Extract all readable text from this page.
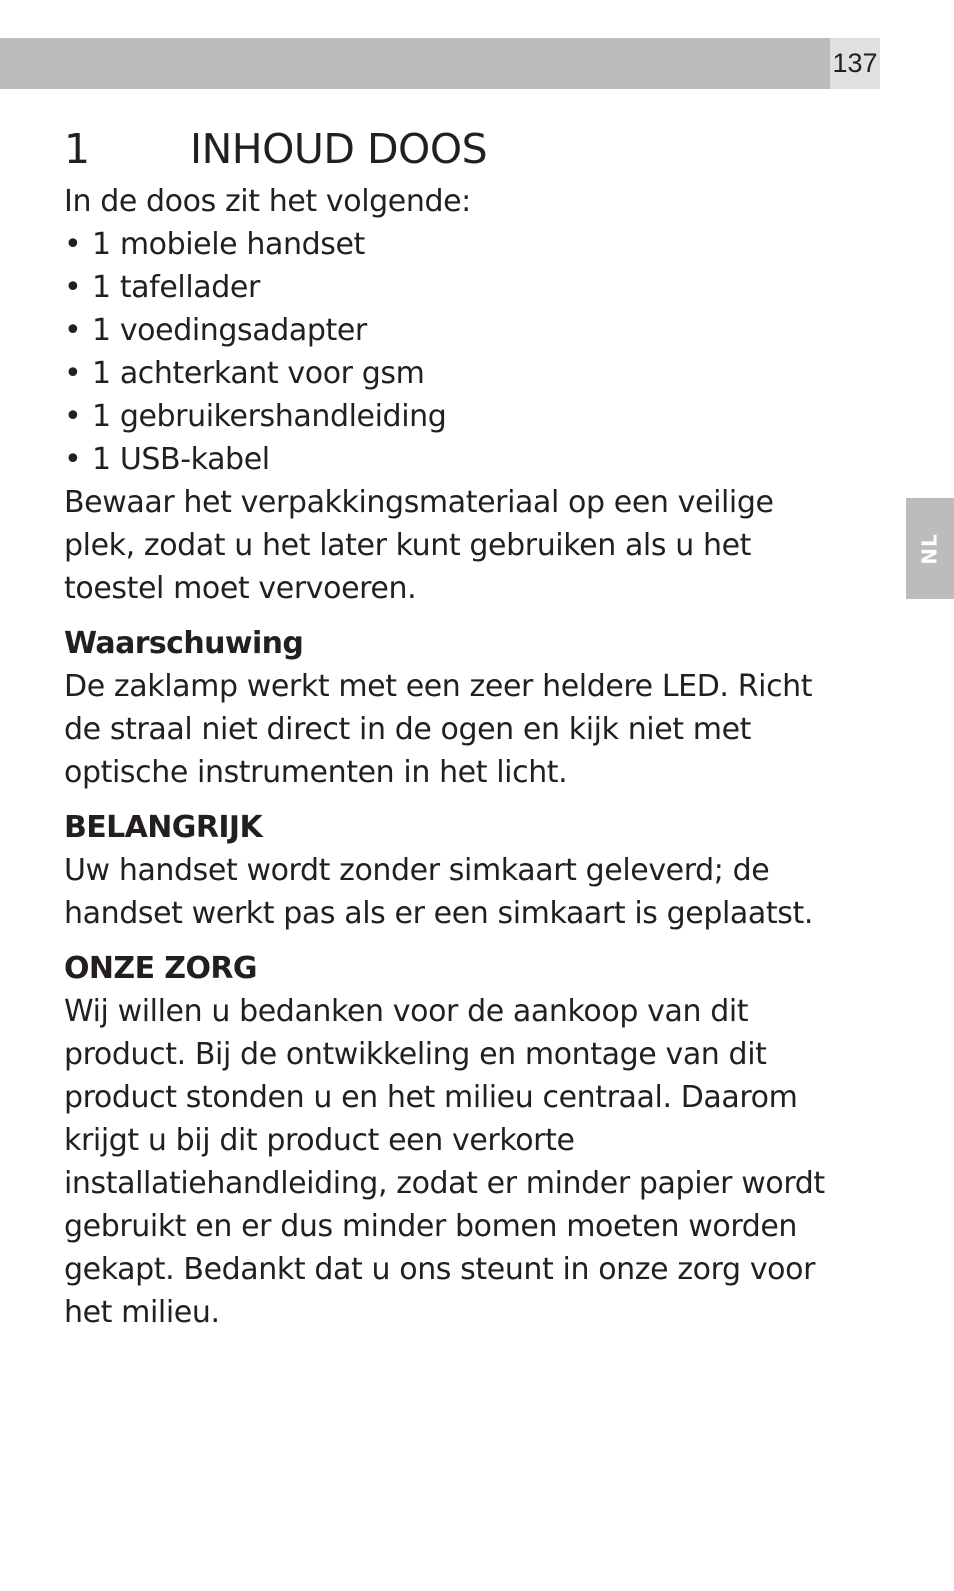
137
NL
1 INHOUD DOOS

In de doos zit het volgende:

• 1 mobiele handset
• 1 tafellader
• 1 voedingsadapter
• 1 achterkant voor gsm
• 1 gebruikershandleiding
• 1 USB-kabel

Bewaar het verpakkingsmateriaal op een veilige plek, zodat u het later kunt gebruiken als u het toestel moet vervoeren.

Waarschuwing

De zaklamp werkt met een zeer heldere LED. Richt de straal niet direct in de ogen en kijk niet met optische instrumenten in het licht.

BELANGRIJK

Uw handset wordt zonder simkaart geleverd; de handset werkt pas als er een simkaart is geplaatst.

ONZE ZORG

Wij willen u bedanken voor de aankoop van dit product. Bij de ontwikkeling en montage van dit product stonden u en het milieu centraal. Daarom krijgt u bij dit product een verkorte installatiehandleiding, zodat er minder papier wordt gebruikt en er dus minder bomen moeten worden gekapt. Bedankt dat u ons steunt in onze zorg voor het milieu.
